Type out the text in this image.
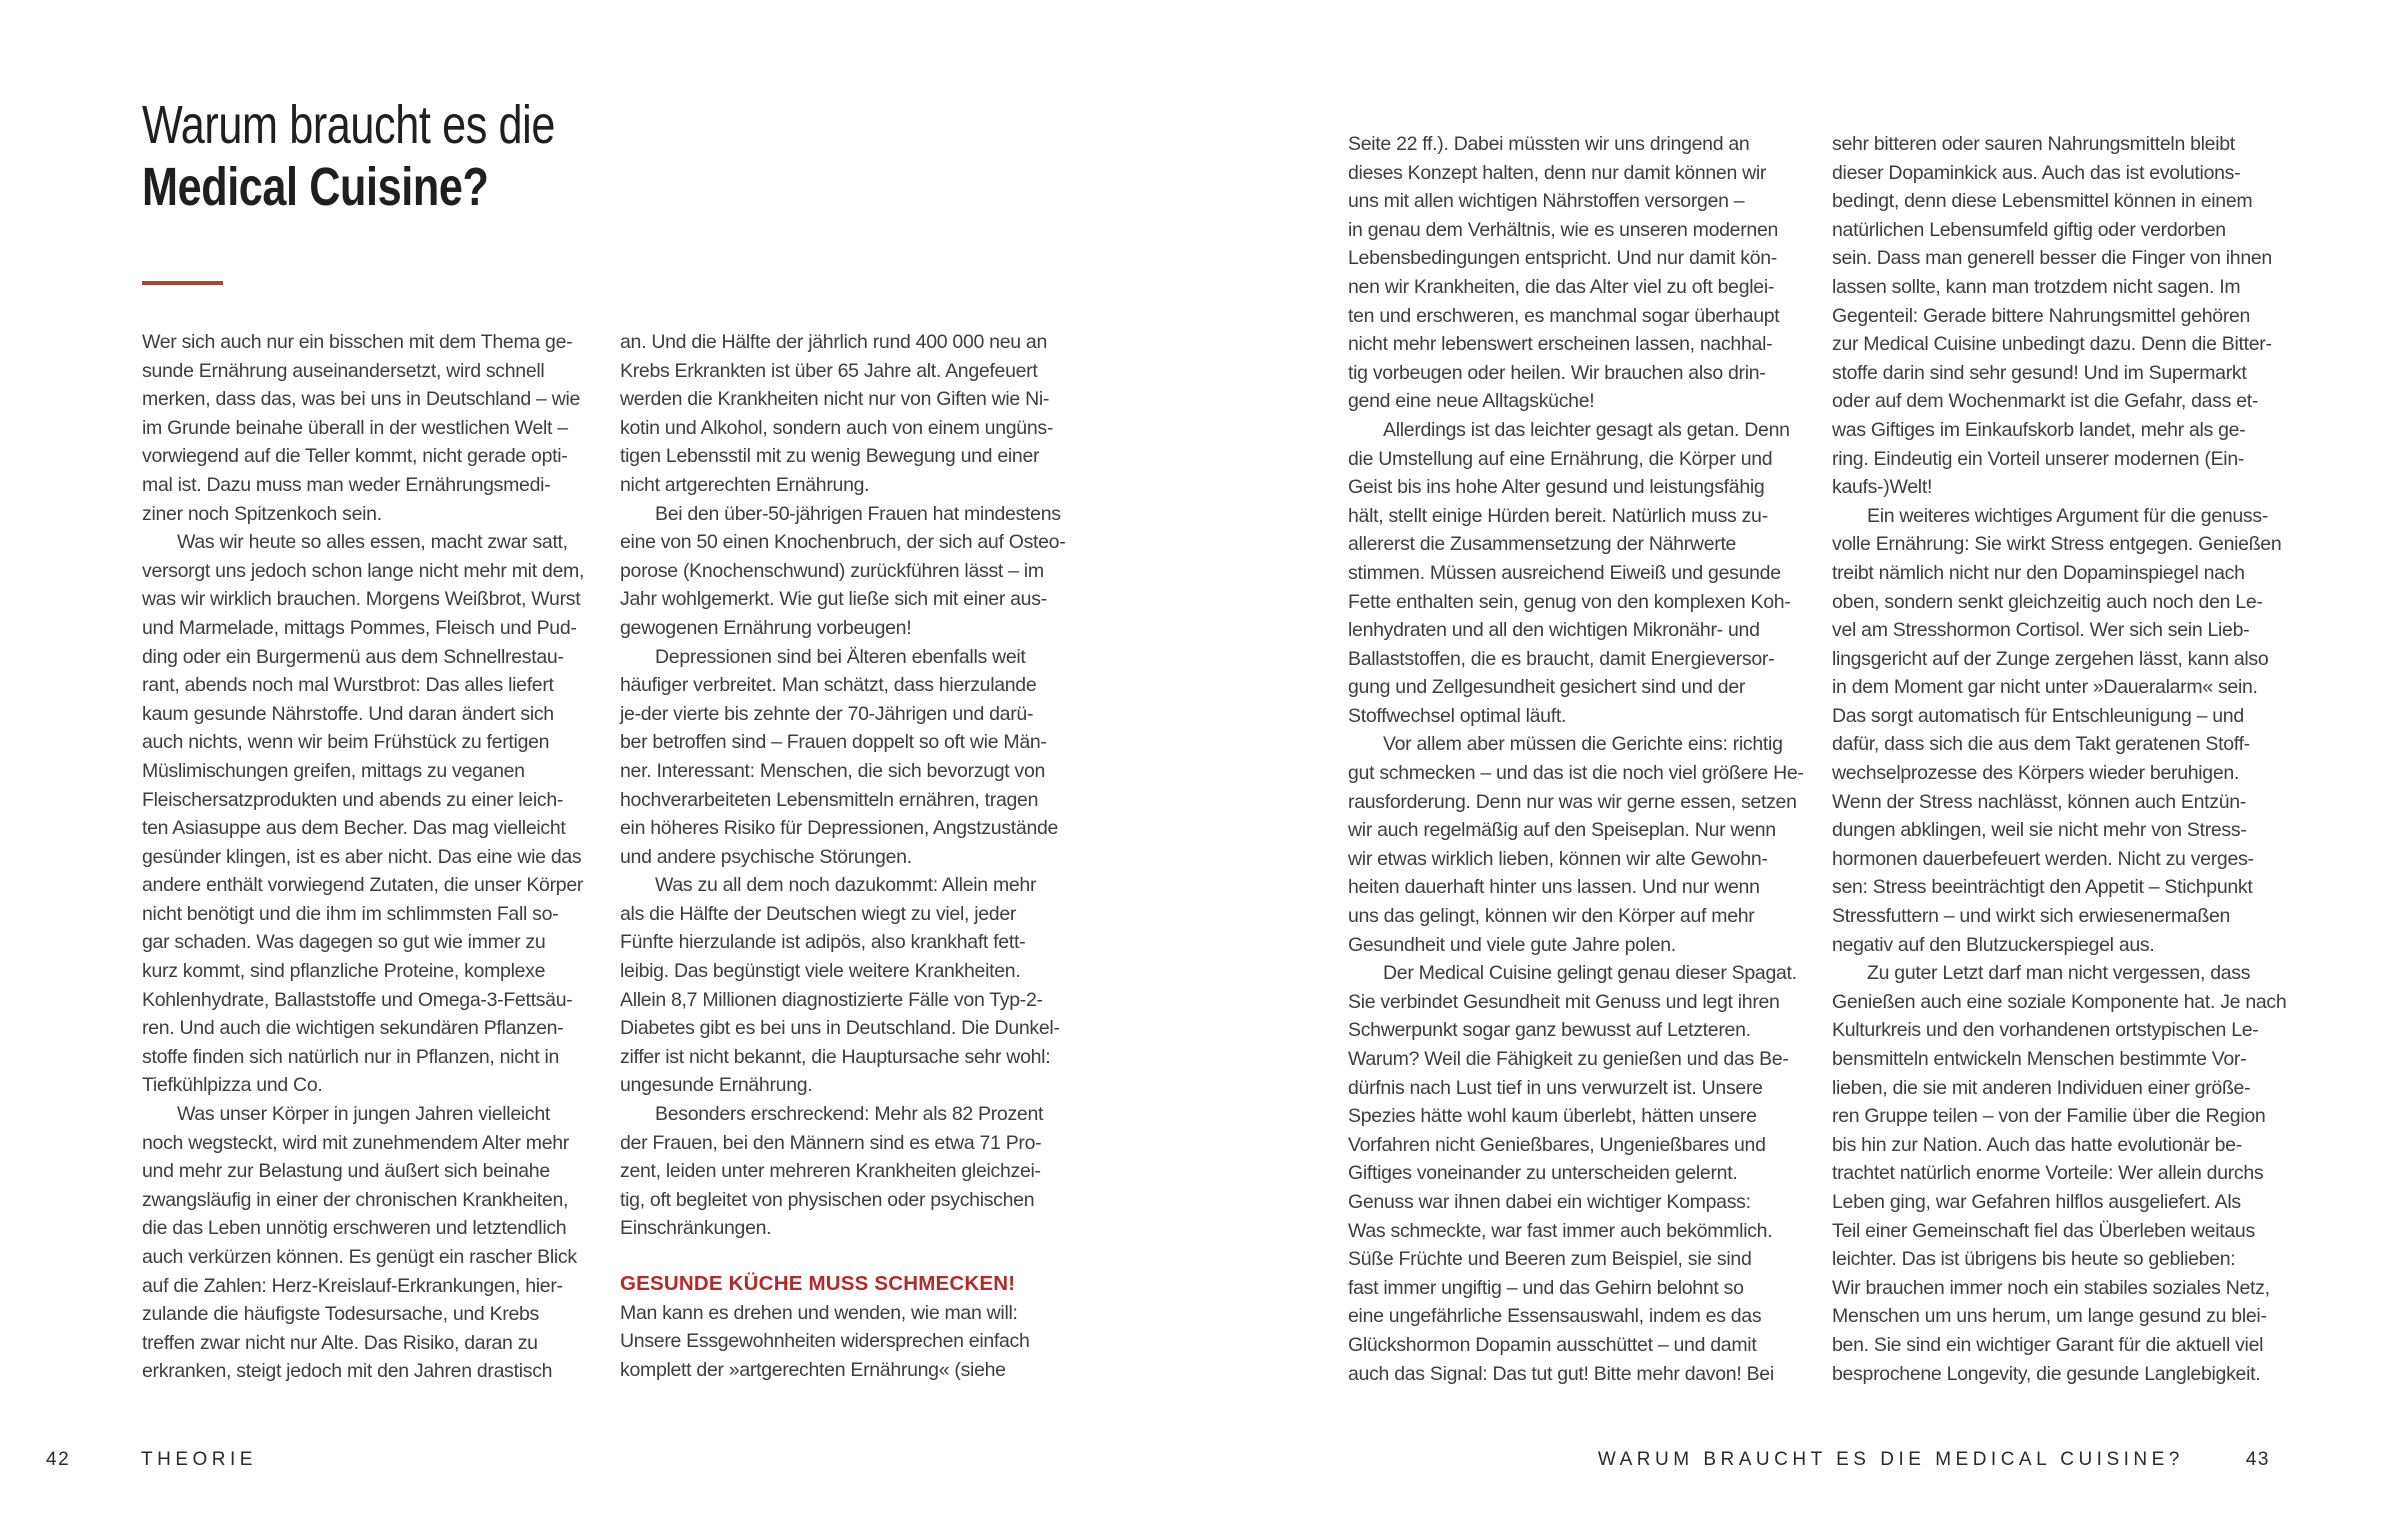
Warum braucht es die
Medical Cuisine?
Wer sich auch nur ein bisschen mit dem Thema ge-
sunde Ernährung auseinandersetzt, wird schnell
merken, dass das, was bei uns in Deutschland – wie
im Grunde beinahe überall in der westlichen Welt –
vorwiegend auf die Teller kommt, nicht gerade opti-
mal ist. Dazu muss man weder Ernährungsmedi-
ziner noch Spitzenkoch sein.
Was wir heute so alles essen, macht zwar satt,
versorgt uns jedoch schon lange nicht mehr mit dem,
was wir wirklich brauchen. Morgens Weißbrot, Wurst
und Marmelade, mittags Pommes, Fleisch und Pud-
ding oder ein Burgermenü aus dem Schnellrestau-
rant, abends noch mal Wurstbrot: Das alles liefert
kaum gesunde Nährstoffe. Und daran ändert sich
auch nichts, wenn wir beim Frühstück zu fertigen
Müslimischungen greifen, mittags zu veganen
Fleischersatzprodukten und abends zu einer leich-
ten Asiasuppe aus dem Becher. Das mag vielleicht
gesünder klingen, ist es aber nicht. Das eine wie das
andere enthält vorwiegend Zutaten, die unser Körper
nicht benötigt und die ihm im schlimmsten Fall so-
gar schaden. Was dagegen so gut wie immer zu
kurz kommt, sind pflanzliche Proteine, komplexe
Kohlenhydrate, Ballaststoffe und Omega-3-Fettsäu-
ren. Und auch die wichtigen sekundären Pflanzen-
stoffe finden sich natürlich nur in Pflanzen, nicht in
Tiefkühlpizza und Co.
Was unser Körper in jungen Jahren vielleicht
noch wegsteckt, wird mit zunehmendem Alter mehr
und mehr zur Belastung und äußert sich beinahe
zwangsläufig in einer der chronischen Krankheiten,
die das Leben unnötig erschweren und letztendlich
auch verkürzen können. Es genügt ein rascher Blick
auf die Zahlen: Herz-Kreislauf-Erkrankungen, hier-
zulande die häufigste Todesursache, und Krebs
treffen zwar nicht nur Alte. Das Risiko, daran zu
erkranken, steigt jedoch mit den Jahren drastisch
an. Und die Hälfte der jährlich rund 400 000 neu an
Krebs Erkrankten ist über 65 Jahre alt. Angefeuert
werden die Krankheiten nicht nur von Giften wie Ni-
kotin und Alkohol, sondern auch von einem ungüns-
tigen Lebensstil mit zu wenig Bewegung und einer
nicht artgerechten Ernährung.
Bei den über-50-jährigen Frauen hat mindestens
eine von 50 einen Knochenbruch, der sich auf Osteo-
porose (Knochenschwund) zurückführen lässt – im
Jahr wohlgemerkt. Wie gut ließe sich mit einer aus-
gewogenen Ernährung vorbeugen!
Depressionen sind bei Älteren ebenfalls weit
häufiger verbreitet. Man schätzt, dass hierzulande
je-der vierte bis zehnte der 70-Jährigen und darü-
ber betroffen sind – Frauen doppelt so oft wie Män-
ner. Interessant: Menschen, die sich bevorzugt von
hochverarbeiteten Lebensmitteln ernähren, tragen
ein höheres Risiko für Depressionen, Angstzustände
und andere psychische Störungen.
Was zu all dem noch dazukommt: Allein mehr
als die Hälfte der Deutschen wiegt zu viel, jeder
Fünfte hierzulande ist adipös, also krankhaft fett-
leibig. Das begünstigt viele weitere Krankheiten.
Allein 8,7 Millionen diagnostizierte Fälle von Typ-2-
Diabetes gibt es bei uns in Deutschland. Die Dunkel-
ziffer ist nicht bekannt, die Hauptursache sehr wohl:
ungesunde Ernährung.
Besonders erschreckend: Mehr als 82 Prozent
der Frauen, bei den Männern sind es etwa 71 Pro-
zent, leiden unter mehreren Krankheiten gleichzei-
tig, oft begleitet von physischen oder psychischen
Einschränkungen.
GESUNDE KÜCHE MUSS SCHMECKEN!
Man kann es drehen und wenden, wie man will:
Unsere Essgewohnheiten widersprechen einfach
komplett der »artgerechten Ernährung« (siehe
42	THEORIE
Seite 22 ff.). Dabei müssten wir uns dringend an
dieses Konzept halten, denn nur damit können wir
uns mit allen wichtigen Nährstoffen versorgen –
in genau dem Verhältnis, wie es unseren modernen
Lebensbedingungen entspricht. Und nur damit kön-
nen wir Krankheiten, die das Alter viel zu oft beglei-
ten und erschweren, es manchmal sogar überhaupt
nicht mehr lebenswert erscheinen lassen, nachhal-
tig vorbeugen oder heilen. Wir brauchen also drin-
gend eine neue Alltagsküche!
Allerdings ist das leichter gesagt als getan. Denn
die Umstellung auf eine Ernährung, die Körper und
Geist bis ins hohe Alter gesund und leistungsfähig
hält, stellt einige Hürden bereit. Natürlich muss zu-
allererst die Zusammensetzung der Nährwerte
stimmen. Müssen ausreichend Eiweiß und gesunde
Fette enthalten sein, genug von den komplexen Koh-
lenhydraten und all den wichtigen Mikronähr- und
Ballaststoffen, die es braucht, damit Energieversor-
gung und Zellgesundheit gesichert sind und der
Stoffwechsel optimal läuft.
Vor allem aber müssen die Gerichte eins: richtig
gut schmecken – und das ist die noch viel größere He-
rausforderung. Denn nur was wir gerne essen, setzen
wir auch regelmäßig auf den Speiseplan. Nur wenn
wir etwas wirklich lieben, können wir alte Gewohn-
heiten dauerhaft hinter uns lassen. Und nur wenn
uns das gelingt, können wir den Körper auf mehr
Gesundheit und viele gute Jahre polen.
Der Medical Cuisine gelingt genau dieser Spagat.
Sie verbindet Gesundheit mit Genuss und legt ihren
Schwerpunkt sogar ganz bewusst auf Letzteren.
Warum? Weil die Fähigkeit zu genießen und das Be-
dürfnis nach Lust tief in uns verwurzelt ist. Unsere
Spezies hätte wohl kaum überlebt, hätten unsere
Vorfahren nicht Genießbares, Ungenießbares und
Giftiges voneinander zu unterscheiden gelernt.
Genuss war ihnen dabei ein wichtiger Kompass:
Was schmeckte, war fast immer auch bekömmlich.
Süße Früchte und Beeren zum Beispiel, sie sind
fast immer ungiftig – und das Gehirn belohnt so
eine ungefährliche Essensauswahl, indem es das
Glückshormon Dopamin ausschüttet – und damit
auch das Signal: Das tut gut! Bitte mehr davon! Bei
sehr bitteren oder sauren Nahrungsmitteln bleibt
dieser Dopaminkick aus. Auch das ist evolutions-
bedingt, denn diese Lebensmittel können in einem
natürlichen Lebensumfeld giftig oder verdorben
sein. Dass man generell besser die Finger von ihnen
lassen sollte, kann man trotzdem nicht sagen. Im
Gegenteil: Gerade bittere Nahrungsmittel gehören
zur Medical Cuisine unbedingt dazu. Denn die Bitter-
stoffe darin sind sehr gesund! Und im Supermarkt
oder auf dem Wochenmarkt ist die Gefahr, dass et-
was Giftiges im Einkaufskorb landet, mehr als ge-
ring. Eindeutig ein Vorteil unserer modernen (Ein-
kaufs-)Welt!
Ein weiteres wichtiges Argument für die genuss-
volle Ernährung: Sie wirkt Stress entgegen. Genießen
treibt nämlich nicht nur den Dopaminspiegel nach
oben, sondern senkt gleichzeitig auch noch den Le-
vel am Stresshormon Cortisol. Wer sich sein Lieb-
lingsgericht auf der Zunge zergehen lässt, kann also
in dem Moment gar nicht unter »Daueralarm« sein.
Das sorgt automatisch für Entschleunigung – und
dafür, dass sich die aus dem Takt geratenen Stoff-
wechselprozesse des Körpers wieder beruhigen.
Wenn der Stress nachlässt, können auch Entzün-
dungen abklingen, weil sie nicht mehr von Stress-
hormonen dauerbefeuert werden. Nicht zu verges-
sen: Stress beeinträchtigt den Appetit – Stichpunkt
Stressfuttern – und wirkt sich erwiesenermaßen
negativ auf den Blutzuckerspiegel aus.
Zu guter Letzt darf man nicht vergessen, dass
Genießen auch eine soziale Komponente hat. Je nach
Kulturkreis und den vorhandenen ortstypischen Le-
bensmitteln entwickeln Menschen bestimmte Vor-
lieben, die sie mit anderen Individuen einer größe-
ren Gruppe teilen – von der Familie über die Region
bis hin zur Nation. Auch das hatte evolutionär be-
trachtet natürlich enorme Vorteile: Wer allein durchs
Leben ging, war Gefahren hilflos ausgeliefert. Als
Teil einer Gemeinschaft fiel das Überleben weitaus
leichter. Das ist übrigens bis heute so geblieben:
Wir brauchen immer noch ein stabiles soziales Netz,
Menschen um uns herum, um lange gesund zu blei-
ben. Sie sind ein wichtiger Garant für die aktuell viel
besprochene Longevity, die gesunde Langlebigkeit.
WARUM BRAUCHT ES DIE MEDICAL CUISINE?	43
